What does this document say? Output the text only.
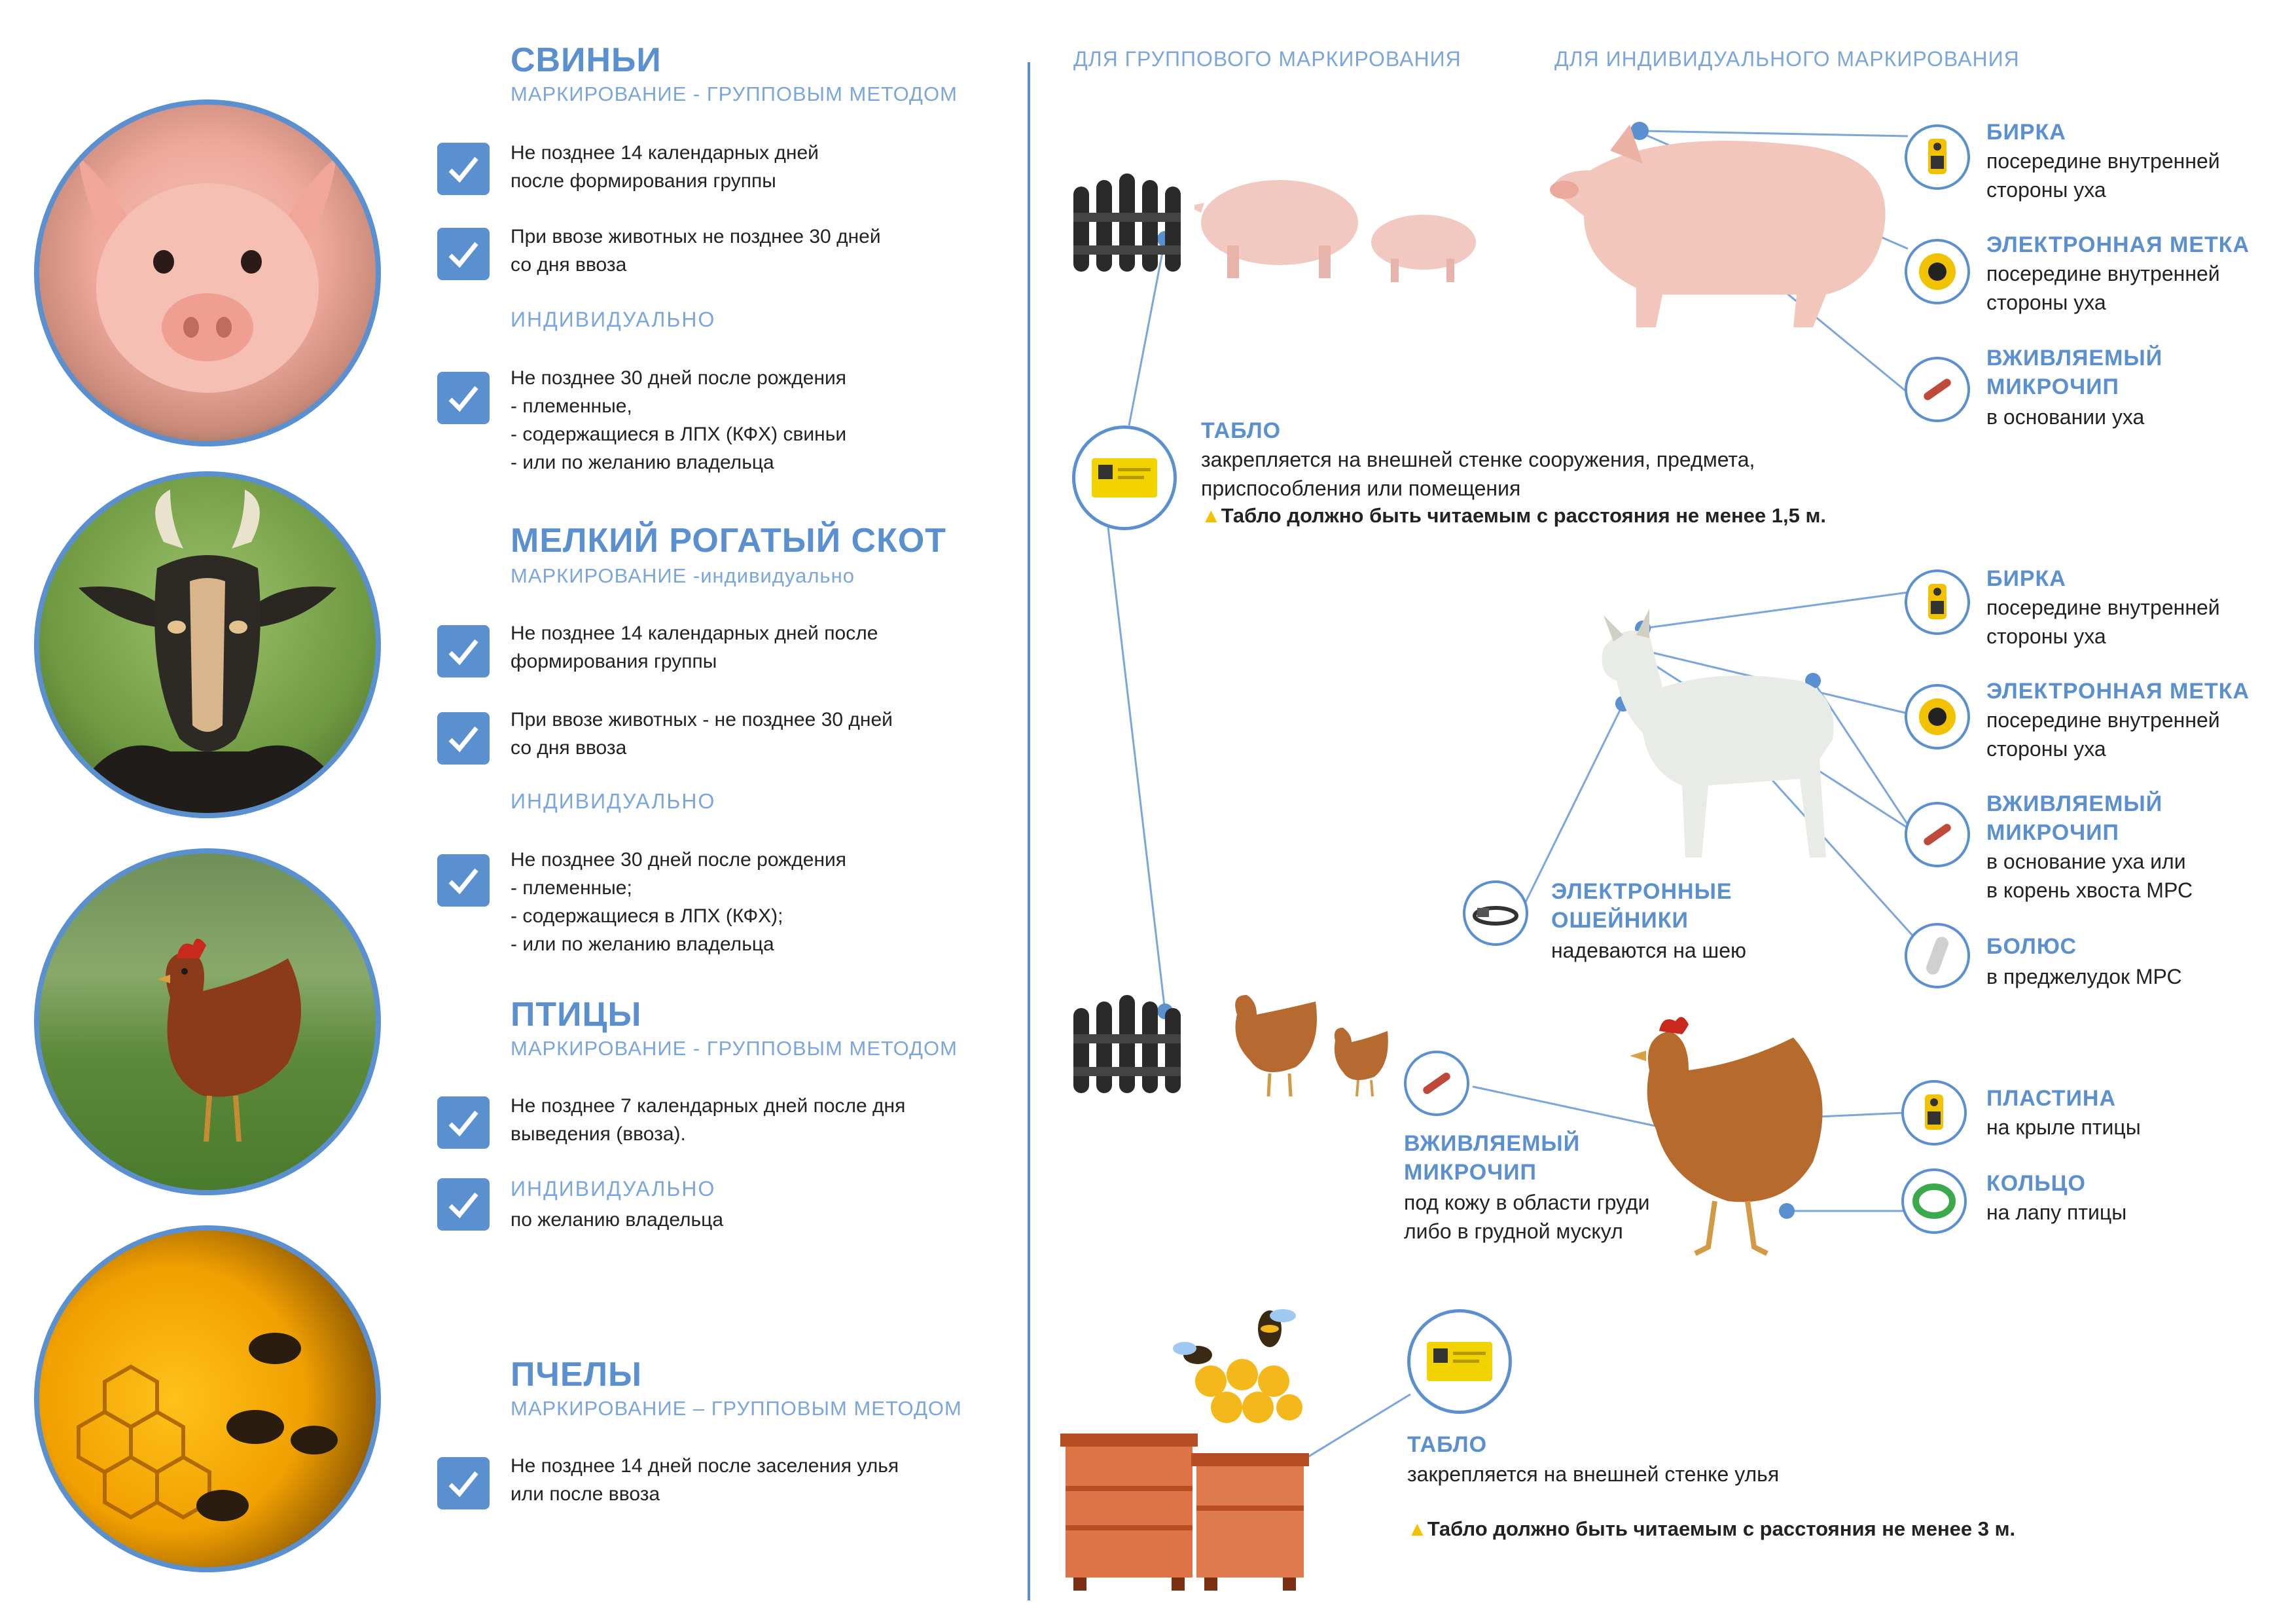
СВИНЬИ
МАРКИРОВАНИЕ - ГРУППОВЫМ МЕТОДОМ
Не позднее 14 календарных дней
после формирования группы
При ввозе животных не позднее 30 дней
со дня ввоза
ИНДИВИДУАЛЬНО
Не позднее 30 дней после рождения
- племенные,
- содержащиеся в ЛПХ (КФХ) свиньи
- или по желанию владельца
МЕЛКИЙ РОГАТЫЙ СКОТ
МАРКИРОВАНИЕ -индивидуально
Не позднее 14 календарных дней после
формирования группы
При ввозе животных - не позднее 30 дней
со дня ввоза
ИНДИВИДУАЛЬНО
Не позднее 30 дней после рождения
- племенные;
- содержащиеся в ЛПХ (КФХ);
- или по желанию владельца
ПТИЦЫ
МАРКИРОВАНИЕ - ГРУППОВЫМ МЕТОДОМ
Не позднее 7 календарных дней после дня
выведения (ввоза).
ИНДИВИДУАЛЬНО
по желанию владельца
ПЧЕЛЫ
МАРКИРОВАНИЕ – ГРУППОВЫМ МЕТОДОМ
Не позднее 14 дней после заселения улья
или после ввоза
ДЛЯ ГРУППОВОГО МАРКИРОВАНИЯ	ДЛЯ ИНДИВИДУАЛЬНОГО МАРКИРОВАНИЯ
БИРКА
посередине внутренней
стороны уха
ЭЛЕКТРОННАЯ МЕТКА
посередине внутренней
стороны уха
ВЖИВЛЯЕМЫЙ
МИКРОЧИП
в основании уха
ТАБЛО
закрепляется на внешней стенке сооружения, предмета,
приспособления или помещения
▲Табло должно быть читаемым с расстояния не менее 1,5 м.
БИРКА
посередине внутренней
стороны уха
ЭЛЕКТРОННАЯ МЕТКА
посередине внутренней
стороны уха
ВЖИВЛЯЕМЫЙ
МИКРОЧИП
в основание уха или
в корень хвоста МРС
БОЛЮС
в преджелудок МРС
ЭЛЕКТРОННЫЕ
ОШЕЙНИКИ
надеваются на шею
ВЖИВЛЯЕМЫЙ
МИКРОЧИП
под кожу в области груди
либо в грудной мускул
ПЛАСТИНА
на крыле птицы
КОЛЬЦО
на лапу птицы
ТАБЛО
закрепляется на внешней стенке улья
▲Табло должно быть читаемым с расстояния не менее 3 м.
